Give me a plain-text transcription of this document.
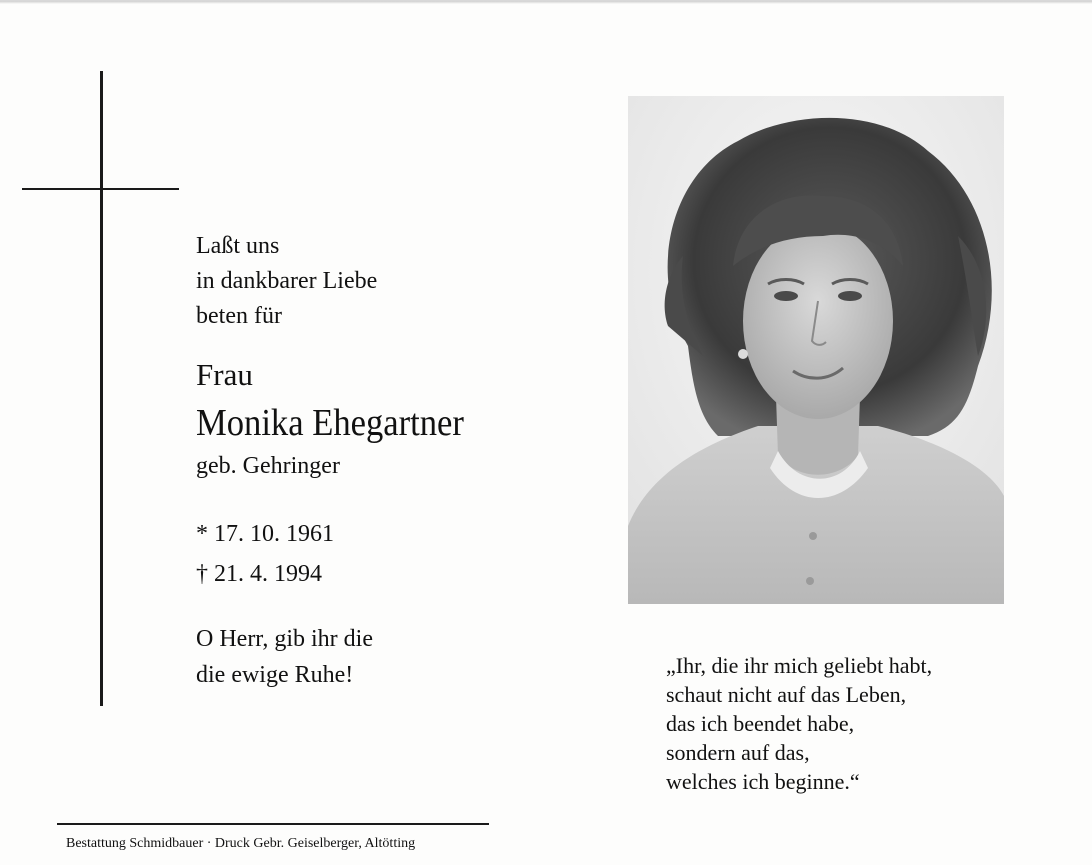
Laßt uns
in dankbarer Liebe
beten für
Frau
Monika Ehegartner
geb. Gehringer
* 17. 10. 1961
† 21. 4. 1994
O Herr, gib ihr die
die ewige Ruhe!	„Ihr, die ihr mich geliebt habt,
schaut nicht auf das Leben,
das ich beendet habe,
sondern auf das,
welches ich beginne.“
Bestattung Schmidbauer · Druck Gebr. Geiselberger, Altötting
